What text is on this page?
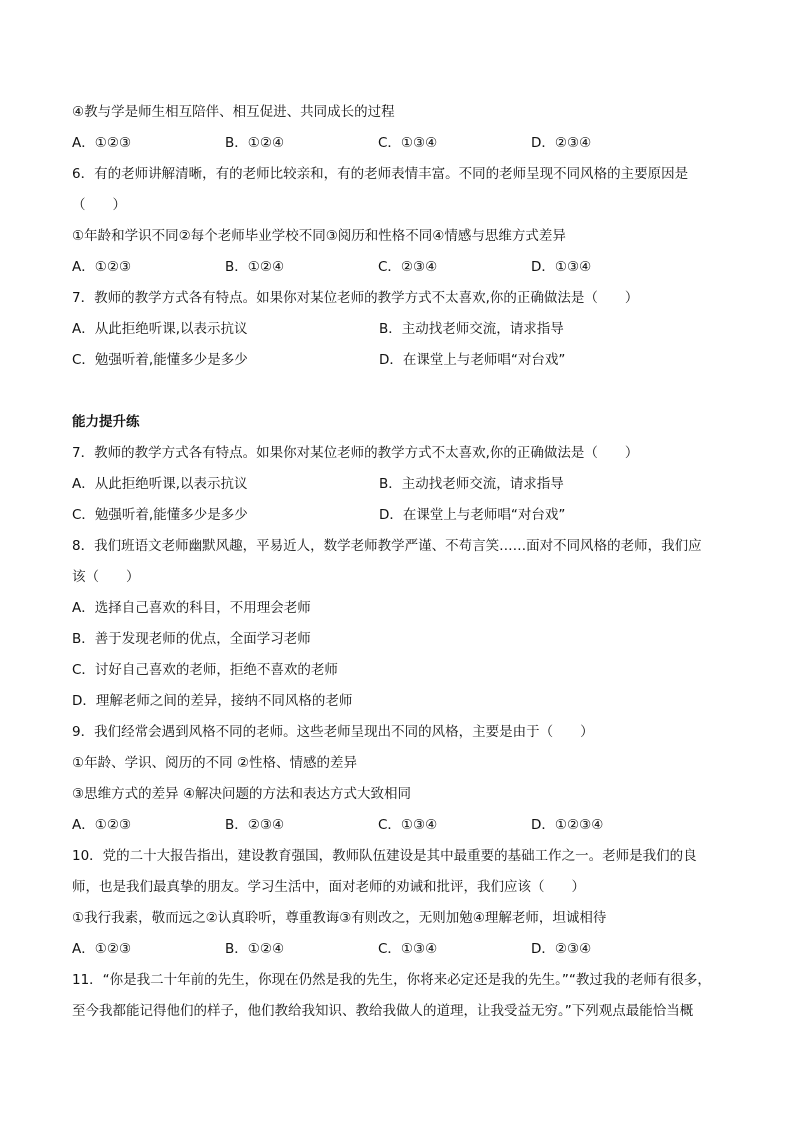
④教与学是师生相互陪伴、相互促进、共同成长的过程
A．①②③	B．①②④	C．①③④	D．②③④
6．有的老师讲解清晰，有的老师比较亲和，有的老师表情丰富。不同的老师呈现不同风格的主要原因是
（　　）
①年龄和学识不同②每个老师毕业学校不同③阅历和性格不同④情感与思维方式差异
A．①②③	B．①②④	C．②③④	D．①③④
7．教师的教学方式各有特点。如果你对某位老师的教学方式不太喜欢,你的正确做法是（　　）
A．从此拒绝听课,以表示抗议	B．主动找老师交流，请求指导
C．勉强听着,能懂多少是多少	D．在课堂上与老师唱“对台戏”
能力提升练
7．教师的教学方式各有特点。如果你对某位老师的教学方式不太喜欢,你的正确做法是（　　）
A．从此拒绝听课,以表示抗议	B．主动找老师交流，请求指导
C．勉强听着,能懂多少是多少	D．在课堂上与老师唱“对台戏”
8．我们班语文老师幽默风趣，平易近人，数学老师教学严谨、不苟言笑……面对不同风格的老师，我们应
该（　　）
A．选择自己喜欢的科目，不用理会老师
B．善于发现老师的优点，全面学习老师
C．讨好自己喜欢的老师，拒绝不喜欢的老师
D．理解老师之间的差异，接纳不同风格的老师
9．我们经常会遇到风格不同的老师。这些老师呈现出不同的风格，主要是由于（　　）
①年龄、学识、阅历的不同 ②性格、情感的差异
③思维方式的差异 ④解决问题的方法和表达方式大致相同
A．①②③	B．②③④	C．①③④	D．①②③④
10．党的二十大报告指出，建设教育强国，教师队伍建设是其中最重要的基础工作之一。老师是我们的良
师，也是我们最真挚的朋友。学习生活中，面对老师的劝诫和批评，我们应该（　　）
①我行我素，敬而远之②认真聆听，尊重教诲③有则改之，无则加勉④理解老师，坦诚相待
A．①②③	B．①②④	C．①③④	D．②③④
11．“你是我二十年前的先生，你现在仍然是我的先生，你将来必定还是我的先生。”“教过我的老师有很多，
至今我都能记得他们的样子，他们教给我知识、教给我做人的道理，让我受益无穷。”下列观点最能恰当概
